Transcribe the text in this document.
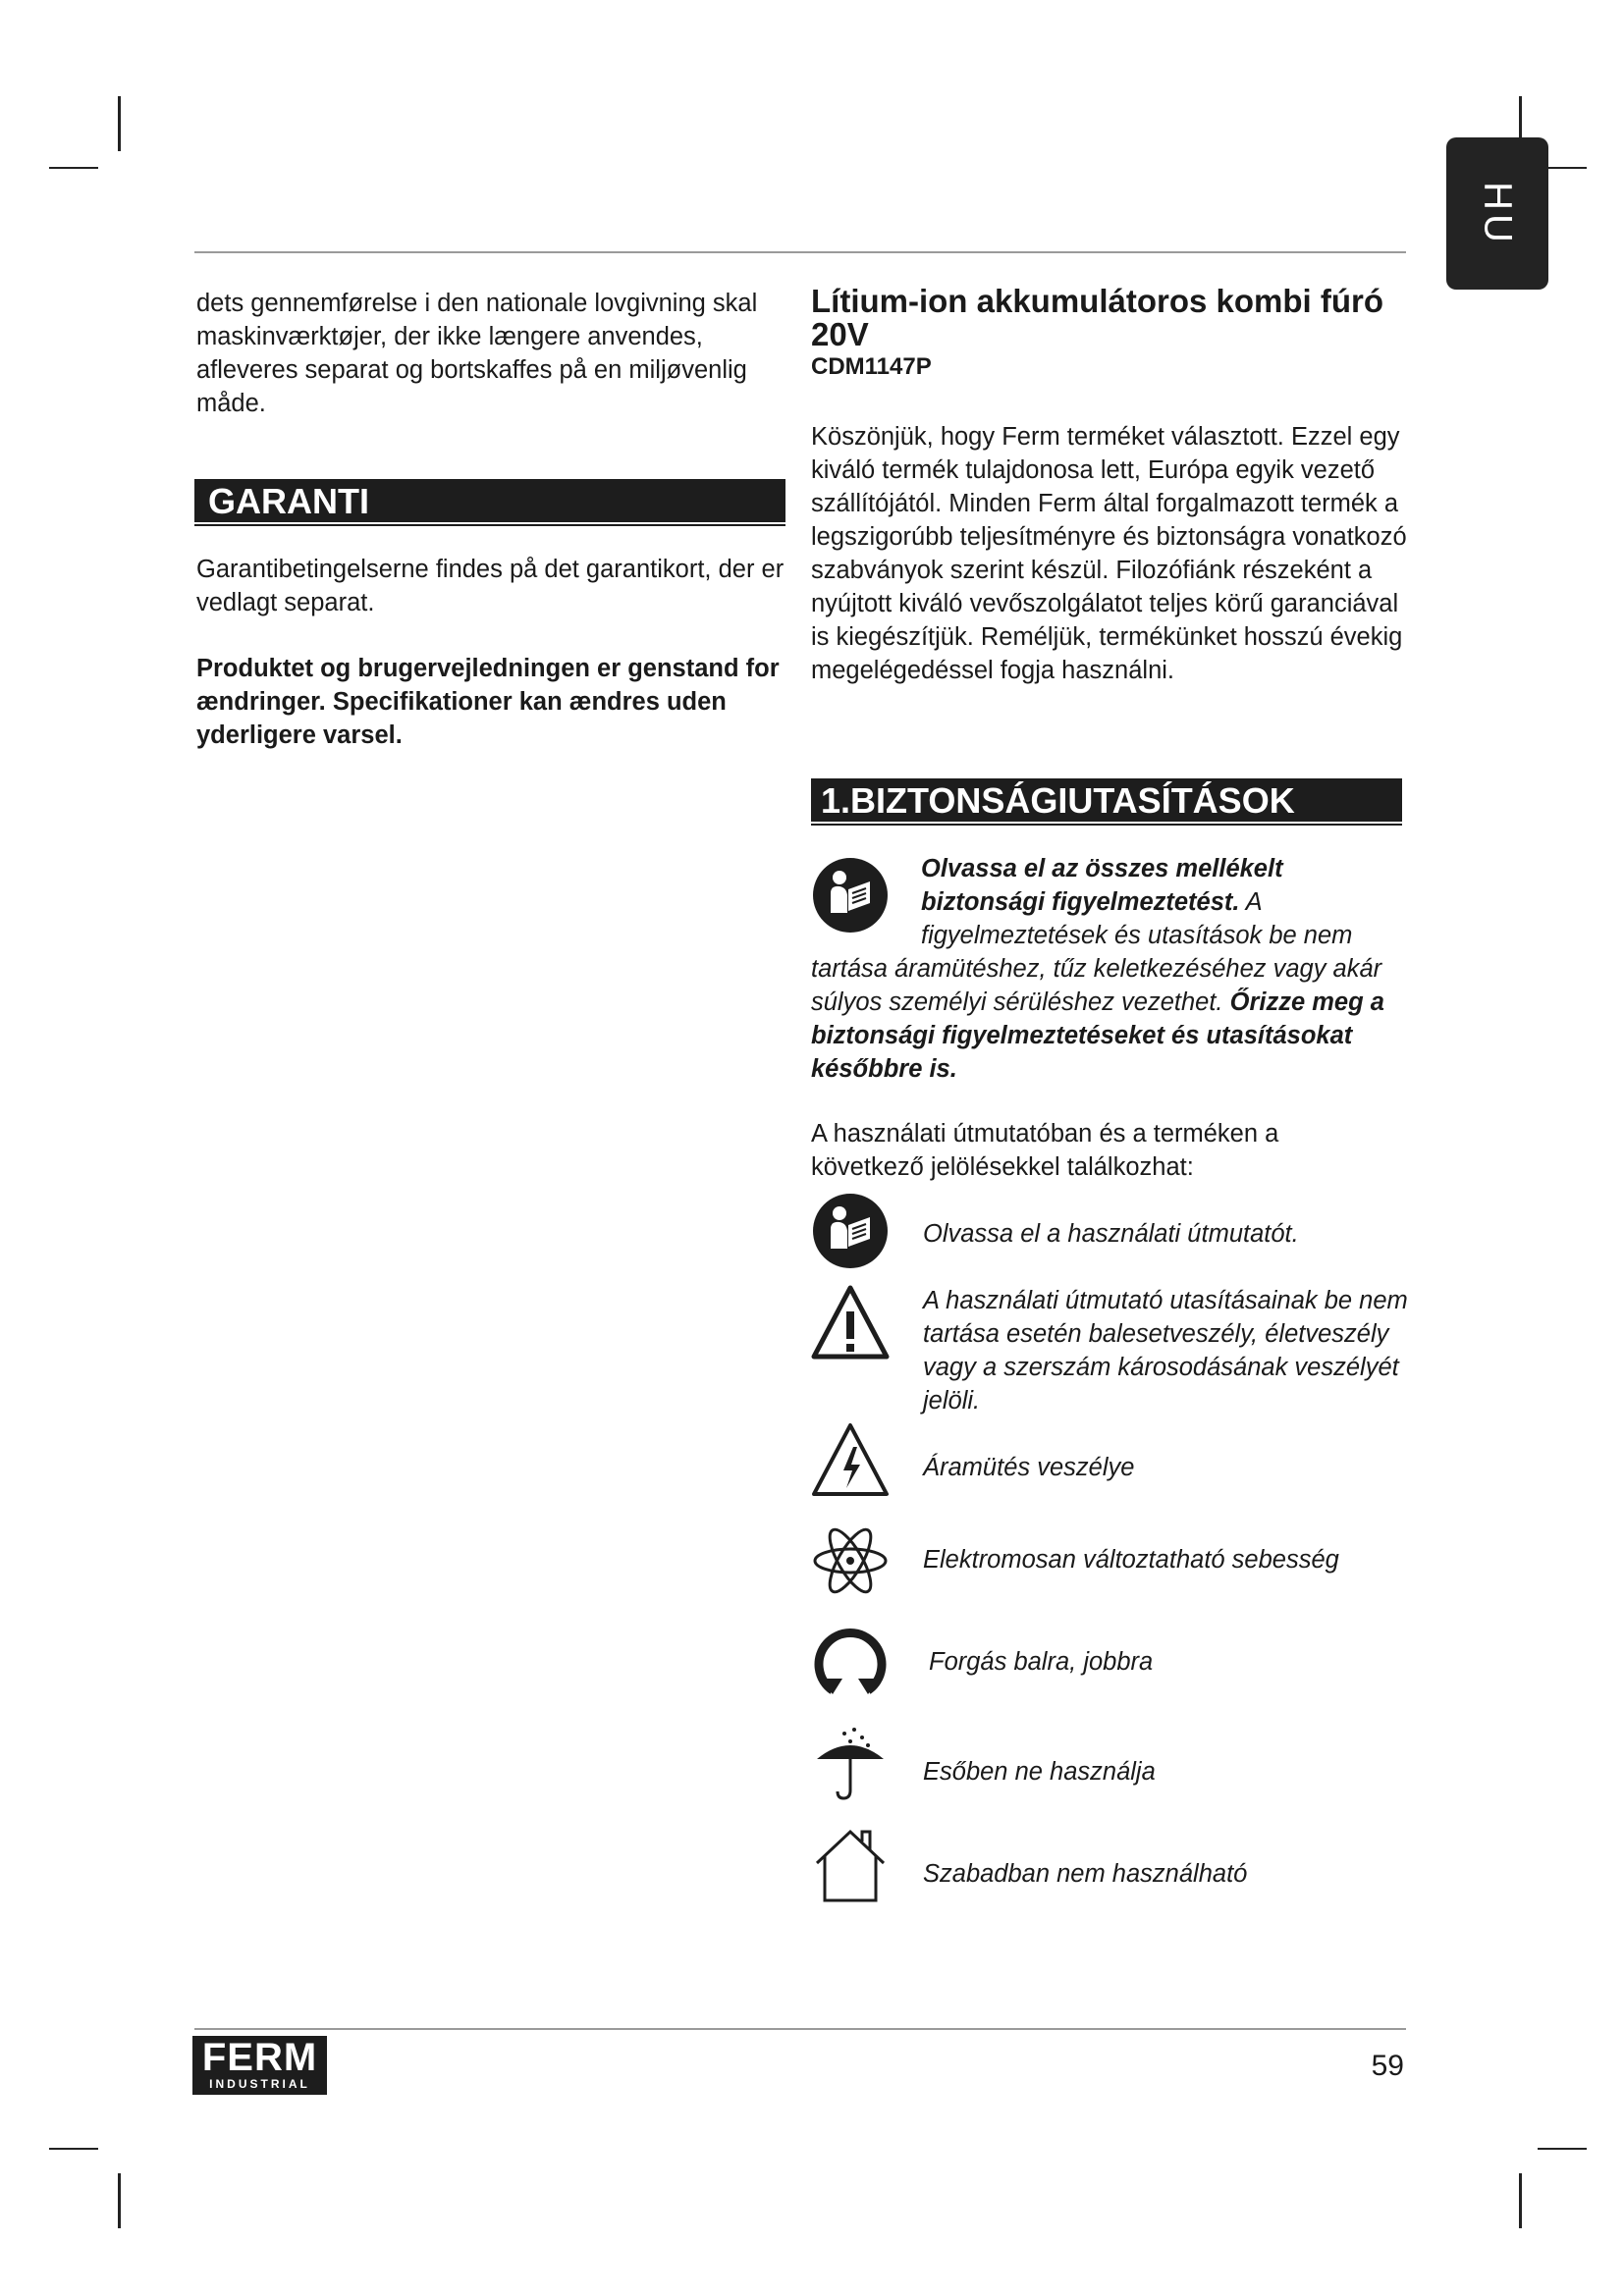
HU

dets gennemførelse i den nationale lovgivning skal maskinværktøjer, der ikke længere anvendes, afleveres separat og bortskaffes på en miljøvenlig måde.

GARANTI

Garantibetingelserne findes på det garantikort, der er vedlagt separat.

Produktet og brugervejledningen er genstand for ændringer. Specifikationer kan ændres uden yderligere varsel.

Lítium-ion akkumulátoros kombi fúró 20V
CDM1147P

Köszönjük, hogy Ferm terméket választott. Ezzel egy kiváló termék tulajdonosa lett, Európa egyik vezető szállítójától. Minden Ferm által forgalmazott termék a legszigorúbb teljesítményre és biztonságra vonatkozó szabványok szerint készül. Filozófiánk részeként a nyújtott kiváló vevőszolgálatot teljes körű garanciával is kiegészítjük. Reméljük, termékünket hosszú évekig megelégedéssel fogja használni.

1.BIZTONSÁGIUTASÍTÁSOK
Olvassa el az összes mellékelt biztonsági figyelmeztetést. A figyelmeztetések és utasítások be nem tartása áramütéshez, tűz keletkezéséhez vagy akár súlyos személyi sérüléshez vezethet. Őrizze meg a biztonsági figyelmeztetéseket és utasításokat későbbre is.

A használati útmutatóban és a terméken a következő jelölésekkel találkozhat:

Olvassa el a használati útmutatót.
A használati útmutató utasításainak be nem tartása esetén balesetveszély, életveszély vagy a szerszám károsodásának veszélyét jelöli.
Áramütés veszélye
Elektromosan változtatható sebesség
Forgás balra, jobbra
Esőben ne használja
Szabadban nem használható
FERM
INDUSTRIAL
59
